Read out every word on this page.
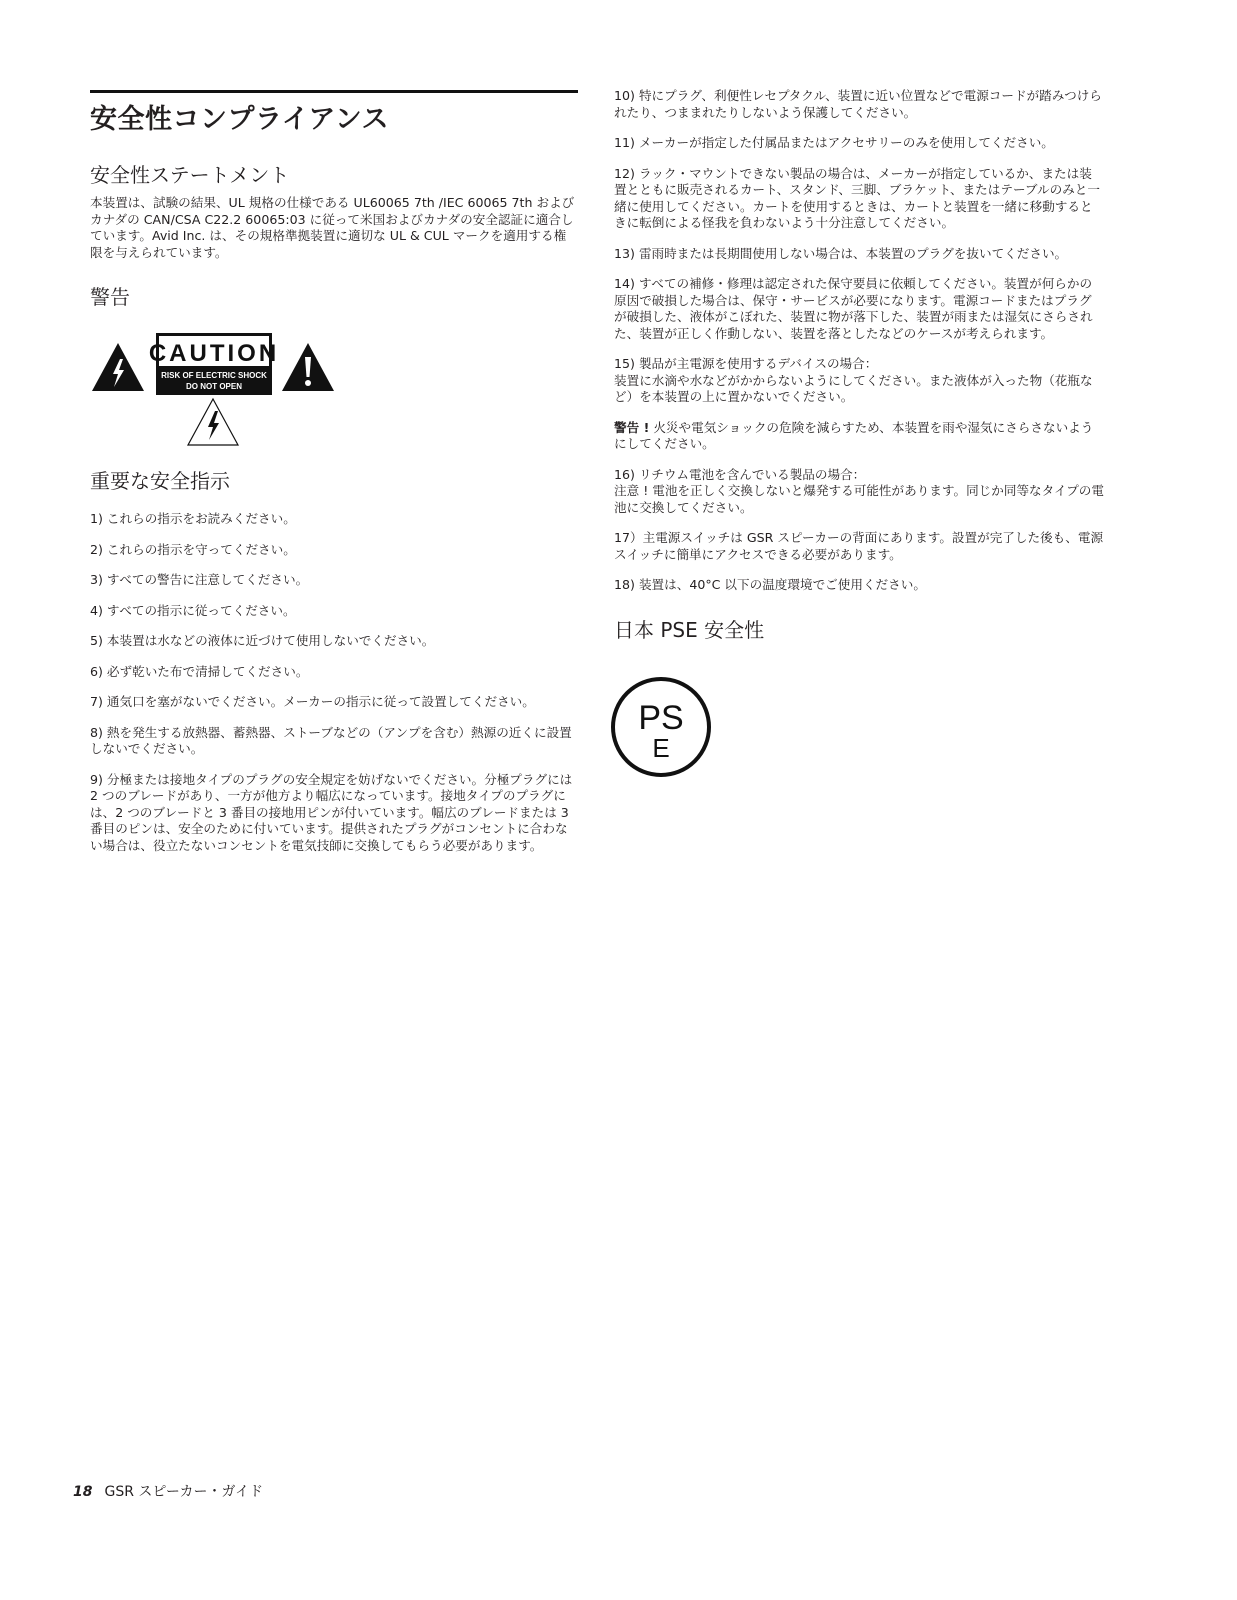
安全性コンプライアンス
安全性ステートメント

本装置は、試験の結果、UL 規格の仕様である UL60065 7th /IEC 60065 7th およびカナダの CAN/CSA C22.2 60065:03 に従って米国およびカナダの安全認証に適合しています。Avid Inc. は、その規格準拠装置に適切な UL & CUL マークを適用する権限を与えられています。

警告
CAUTION
RISK OF ELECTRIC SHOCK
DO NOT OPEN
重要な安全指示
1) これらの指示をお読みください。
2) これらの指示を守ってください。
3) すべての警告に注意してください。
4) すべての指示に従ってください。
5) 本装置は水などの液体に近づけて使用しないでください。
6) 必ず乾いた布で清掃してください。
7) 通気口を塞がないでください。メーカーの指示に従って設置してください。
8) 熱を発生する放熱器、蓄熱器、ストーブなどの（アンプを含む）熱源の近くに設置しないでください。
9) 分極または接地タイプのプラグの安全規定を妨げないでください。分極プラグには 2 つのブレードがあり、一方が他方より幅広になっています。接地タイプのプラグには、2 つのブレードと 3 番目の接地用ピンが付いています。幅広のブレードまたは 3 番目のピンは、安全のために付いています。提供されたプラグがコンセントに合わない場合は、役立たないコンセントを電気技師に交換してもらう必要があります。
10) 特にプラグ、利便性レセプタクル、装置に近い位置などで電源コードが踏みつけられたり、つままれたりしないよう保護してください。
11) メーカーが指定した付属品またはアクセサリーのみを使用してください。
12) ラック・マウントできない製品の場合は、メーカーが指定しているか、または装置とともに販売されるカート、スタンド、三脚、ブラケット、またはテーブルのみと一緒に使用してください。カートを使用するときは、カートと装置を一緒に移動するときに転倒による怪我を負わないよう十分注意してください。
13) 雷雨時または長期間使用しない場合は、本装置のプラグを抜いてください。
14) すべての補修・修理は認定された保守要員に依頼してください。装置が何らかの原因で破損した場合は、保守・サービスが必要になります。電源コードまたはプラグが破損した、液体がこぼれた、装置に物が落下した、装置が雨または湿気にさらされた、装置が正しく作動しない、装置を落としたなどのケースが考えられます。
15) 製品が主電源を使用するデバイスの場合：
装置に水滴や水などがかからないようにしてください。また液体が入った物（花瓶など）を本装置の上に置かないでください。

警告 ! 火災や電気ショックの危険を減らすため、本装置を雨や湿気にさらさないようにしてください。

16) リチウム電池を含んでいる製品の場合：
注意 ! 電池を正しく交換しないと爆発する可能性があります。同じか同等なタイプの電池に交換してください。
17）主電源スイッチは GSR スピーカーの背面にあります。設置が完了した後も、電源スイッチに簡単にアクセスできる必要があります。
18) 装置は、40°C 以下の温度環境でご使用ください。
日本 PSE 安全性
PS
E
18 GSR スピーカー・ガイド
